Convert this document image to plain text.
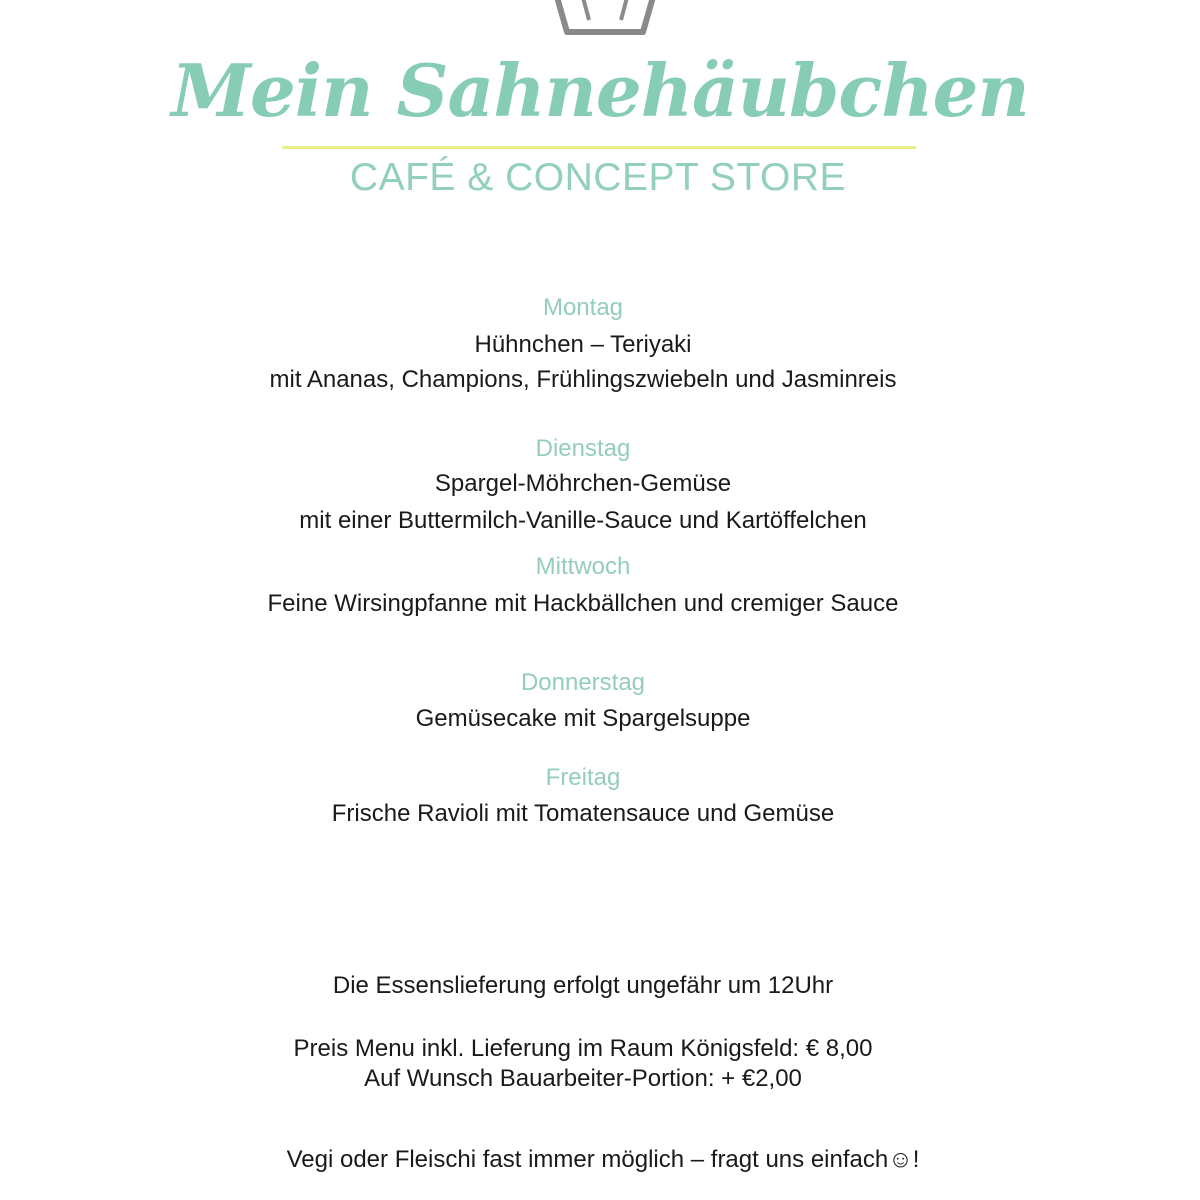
Mein Sahnehäubchen
CAFÉ & CONCEPT STORE
Montag
Hühnchen – Teriyaki
mit Ananas, Champions, Frühlingszwiebeln und Jasminreis
Dienstag
Spargel-Möhrchen-Gemüse
mit einer Buttermilch-Vanille-Sauce und Kartöffelchen
Mittwoch
Feine Wirsingpfanne mit Hackbällchen und cremiger Sauce
Donnerstag
Gemüsecake mit Spargelsuppe
Freitag
Frische Ravioli mit Tomatensauce und Gemüse
Die Essenslieferung erfolgt ungefähr um 12Uhr
Preis Menu inkl. Lieferung im Raum Königsfeld: € 8,00
Auf Wunsch Bauarbeiter-Portion: + €2,00
Vegi oder Fleischi fast immer möglich – fragt uns einfach☺!
